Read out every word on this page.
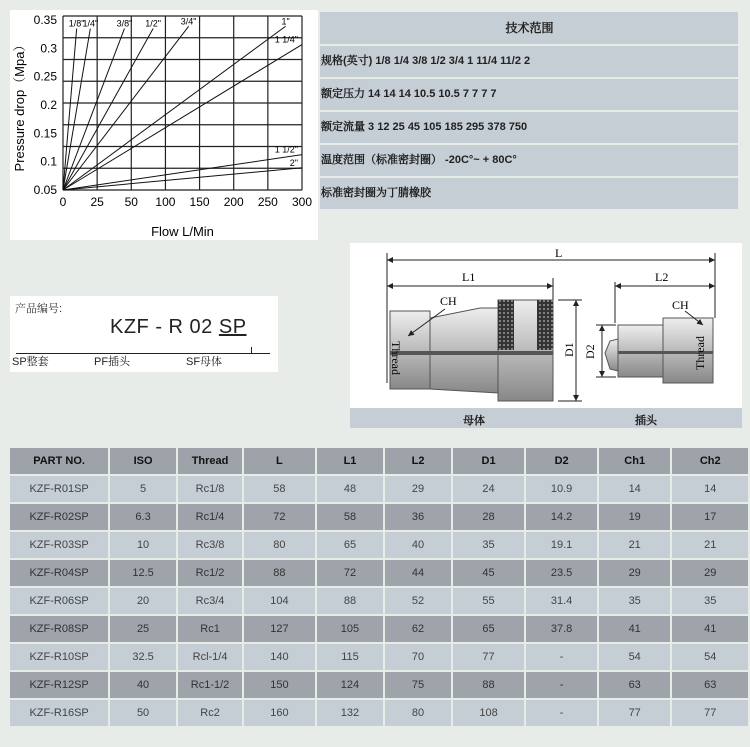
0 25 50 100 150 200 250 300
0.35
0.3
0.25
0.2
0.15
0.1
0.05
1/8"
1/4" 3/8" 1/2" 3/4"	1"
1 1/4"
1 1/2"
2"
Flow L/Min
Pressure drop（Mpa）
技术范围
规格(英寸) 1/8 1/4 3/8 1/2 3/4 1 11/4 11/2 2
额定压力 14 14 14 10.5 10.5 7 7 7 7
额定流量 3 12 25 45 105 185 295 378 750
温度范围（标准密封圈） -20C°~ + 80C°
标准密封圈为丁腈橡胶
产品编号:
KZF - R 02 SP
SP整套	PF插头	SF母体
L
L1	L2
D1
CH
Thread	D2
CH
Thread
母体	插头
PART NO.	ISO	Thread	L	L1	L2	D1	D2	Ch1	Ch2
KZF-R01SP	5	Rc1/8	58	48	29	24	10.9	14	14
KZF-R02SP	6.3	Rc1/4	72	58	36	28	14.2	19	17
KZF-R03SP	10	Rc3/8	80	65	40	35	19.1	21	21
KZF-R04SP	12.5	Rc1/2	88	72	44	45	23.5	29	29
KZF-R06SP	20	Rc3/4	104	88	52	55	31.4	35	35
KZF-R08SP	25	Rc1	127	105	62	65	37.8	41	41
KZF-R10SP	32.5	Rcl-1/4	140	115	70	77	-	54	54
KZF-R12SP	40	Rc1-1/2	150	124	75	88	-	63	63
KZF-R16SP	50	Rc2	160	132	80	108	-	77	77
